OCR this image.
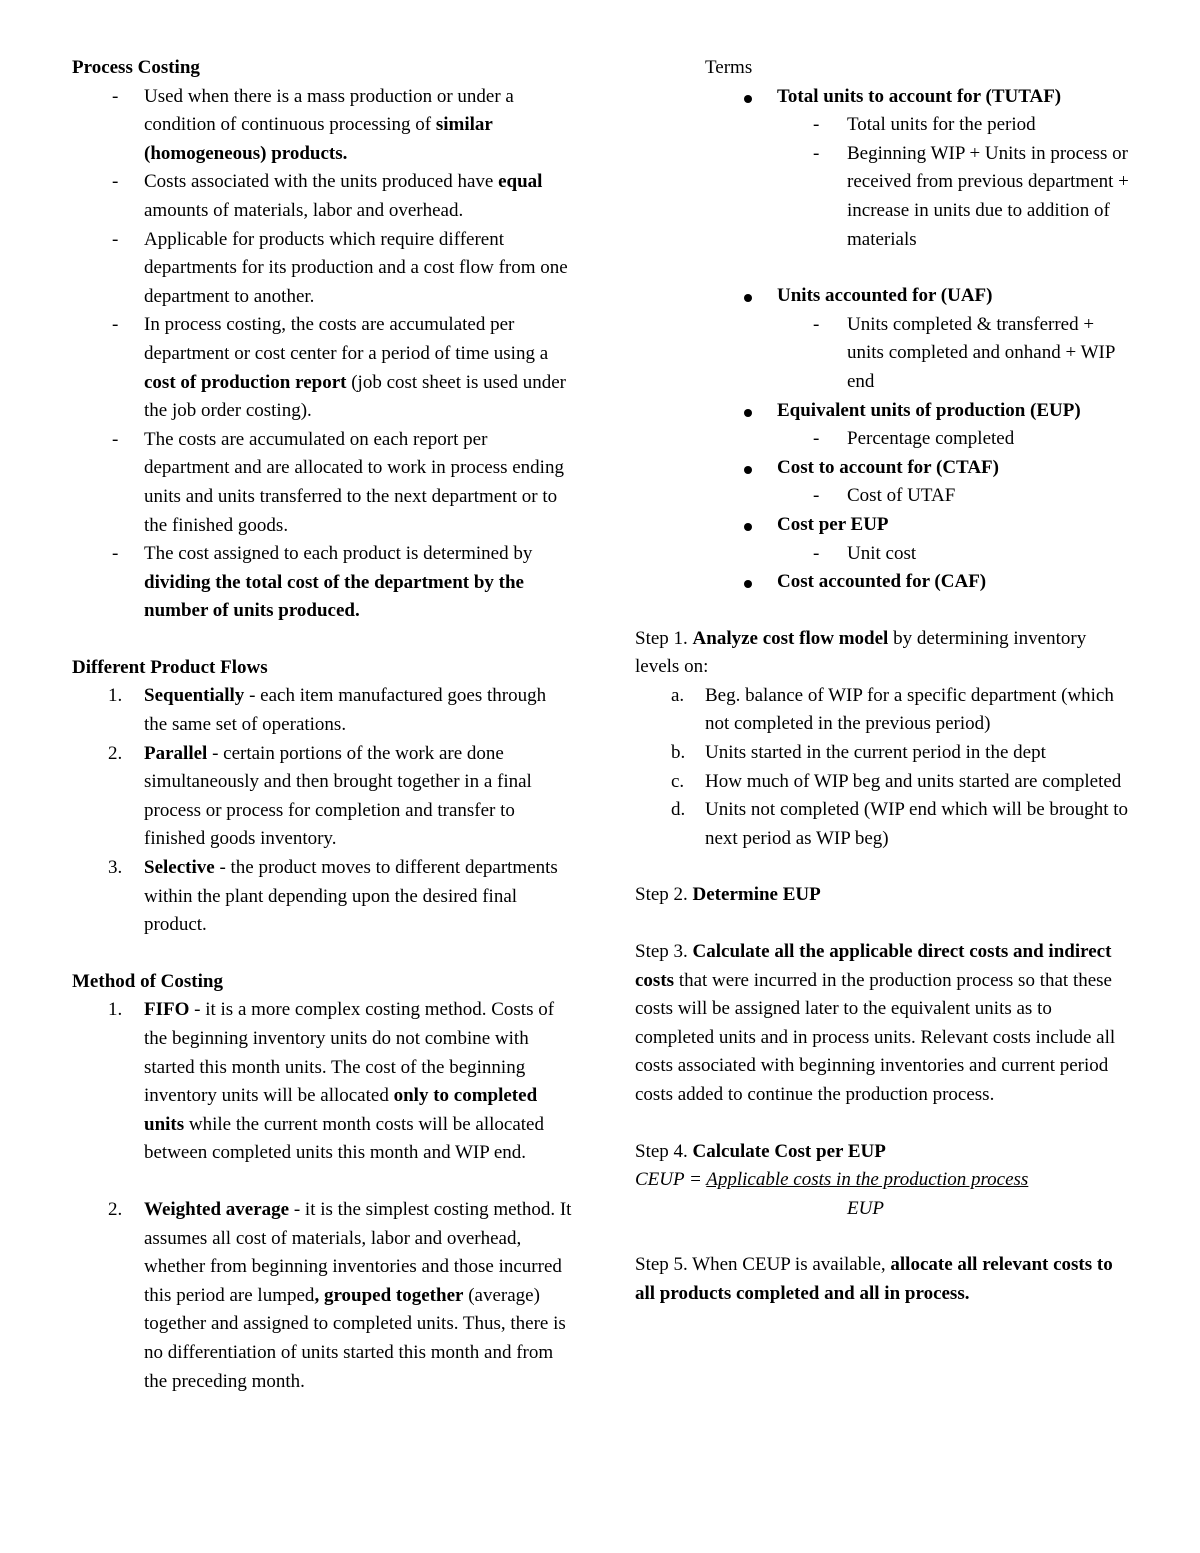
Process Costing
- Used when there is a mass production or under a condition of continuous processing of similar (homogeneous) products.
- Costs associated with the units produced have equal amounts of materials, labor and overhead.
- Applicable for products which require different departments for its production and a cost flow from one department to another.
- In process costing, the costs are accumulated per department or cost center for a period of time using a cost of production report (job cost sheet is used under the job order costing).
- The costs are accumulated on each report per department and are allocated to work in process ending units and units transferred to the next department or to the finished goods.
- The cost assigned to each product is determined by dividing the total cost of the department by the number of units produced.
Different Product Flows
1. Sequentially - each item manufactured goes through the same set of operations.
2. Parallel - certain portions of the work are done simultaneously and then brought together in a final process or process for completion and transfer to finished goods inventory.
3. Selective - the product moves to different departments within the plant depending upon the desired final product.
Method of Costing
1. FIFO - it is a more complex costing method. Costs of the beginning inventory units do not combine with started this month units. The cost of the beginning inventory units will be allocated only to completed units while the current month costs will be allocated between completed units this month and WIP end.
2. Weighted average - it is the simplest costing method. It assumes all cost of materials, labor and overhead, whether from beginning inventories and those incurred this period are lumped, grouped together (average) together and assigned to completed units. Thus, there is no differentiation of units started this month and from the preceding month.
Terms
Total units to account for (TUTAF)
- Total units for the period
- Beginning WIP + Units in process or received from previous department + increase in units due to addition of materials
Units accounted for (UAF)
- Units completed & transferred + units completed and onhand + WIP end
Equivalent units of production (EUP)
- Percentage completed
Cost to account for (CTAF)
- Cost of UTAF
Cost per EUP
- Unit cost
Cost accounted for (CAF)
Step 1. Analyze cost flow model by determining inventory levels on:
a. Beg. balance of WIP for a specific department (which not completed in the previous period)
b. Units started in the current period in the dept
c. How much of WIP beg and units started are completed
d. Units not completed (WIP end which will be brought to next period as WIP beg)
Step 2. Determine EUP
Step 3. Calculate all the applicable direct costs and indirect costs that were incurred in the production process so that these costs will be assigned later to the equivalent units as to completed units and in process units. Relevant costs include all costs associated with beginning inventories and current period costs added to continue the production process.
Step 4. Calculate Cost per EUP
CEUP = Applicable costs in the production process
EUP
Step 5. When CEUP is available, allocate all relevant costs to all products completed and all in process.
